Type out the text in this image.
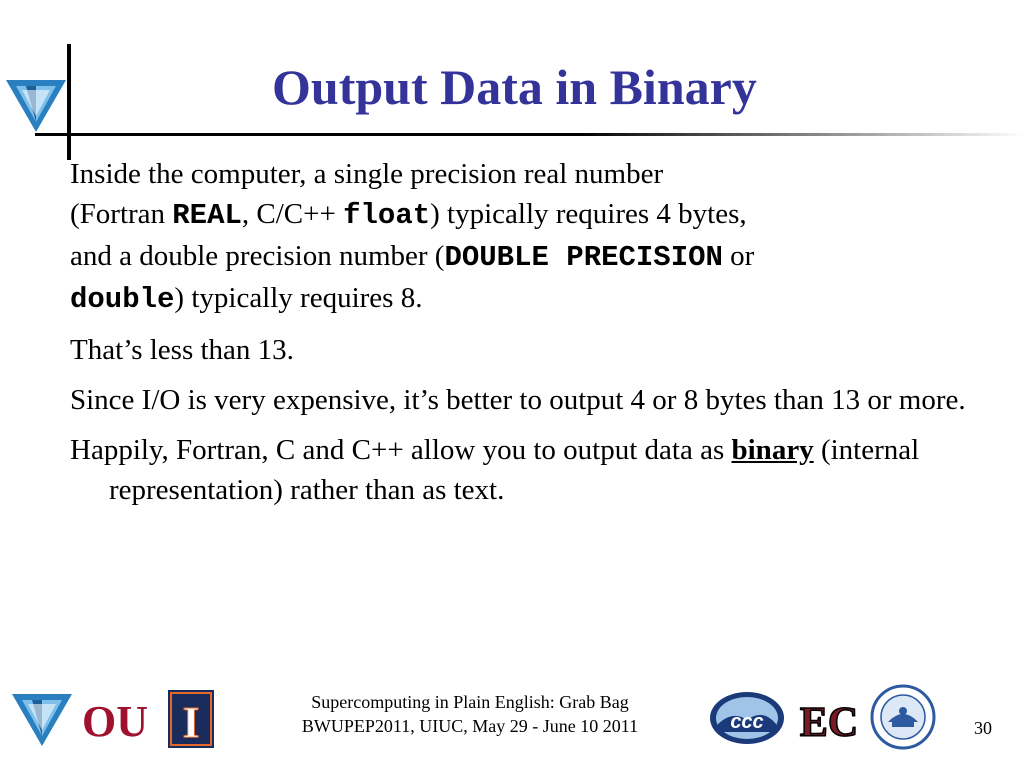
Output Data in Binary

Inside the computer, a single precision real number
(Fortran REAL, C/C++ float) typically requires 4 bytes,
and a double precision number (DOUBLE PRECISION or
double) typically requires 8.

That’s less than 13.

Since I/O is very expensive, it’s better to output 4 or 8 bytes than 13 or more.

Happily, Fortran, C and C++ allow you to output data as binary (internal representation) rather than as text.

OU I	Supercomputing in Plain English: Grab Bag
BWUPEP2011, UIUC, May 29 - June 10 2011	ccc EC	30
